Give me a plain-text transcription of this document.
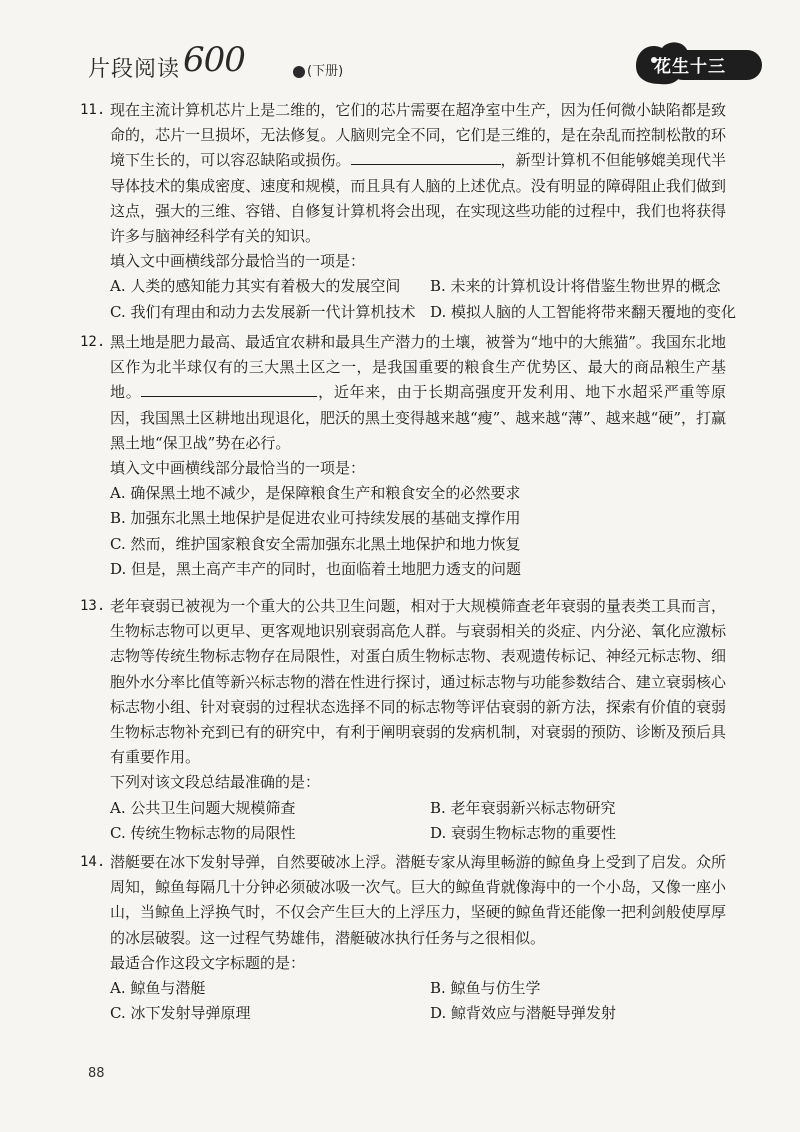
片段阅读 600	(下册)	花生十三
11. 现在主流计算机芯片上是二维的，它们的芯片需要在超净室中生产，因为任何微小缺陷都是致命的，芯片一旦损坏，无法修复。人脑则完全不同，它们是三维的，是在杂乱而控制松散的环境下生长的，可以容忍缺陷或损伤。	，新型计算机不但能够媲美现代半导体技术的集成密度、速度和规模，而且具有人脑的上述优点。没有明显的障碍阻止我们做到这点，强大的三维、容错、自修复计算机将会出现，在实现这些功能的过程中，我们也将获得许多与脑神经科学有关的知识。
填入文中画横线部分最恰当的一项是：
A. 人类的感知能力其实有着极大的发展空间	B. 未来的计算机设计将借鉴生物世界的概念
C. 我们有理由和动力去发展新一代计算机技术 D. 模拟人脑的人工智能将带来翻天覆地的变化
12. 黑土地是肥力最高、最适宜农耕和最具生产潜力的土壤，被誉为“地中的大熊猫”。我国东北地区作为北半球仅有的三大黑土区之一，是我国重要的粮食生产优势区、最大的商品粮生产基地。	，近年来，由于长期高强度开发利用、地下水超采严重等原因，我国黑土区耕地出现退化，肥沃的黑土变得越来越“瘦”、越来越“薄”、越来越“硬”，打赢黑土地“保卫战”势在必行。
填入文中画横线部分最恰当的一项是：
A. 确保黑土地不减少，是保障粮食生产和粮食安全的必然要求
B. 加强东北黑土地保护是促进农业可持续发展的基础支撑作用
C. 然而，维护国家粮食安全需加强东北黑土地保护和地力恢复
D. 但是，黑土高产丰产的同时，也面临着土地肥力透支的问题
13. 老年衰弱已被视为一个重大的公共卫生问题，相对于大规模筛查老年衰弱的量表类工具而言，生物标志物可以更早、更客观地识别衰弱高危人群。与衰弱相关的炎症、内分泌、氧化应激标志物等传统生物标志物存在局限性，对蛋白质生物标志物、表观遗传标记、神经元标志物、细胞外水分率比值等新兴标志物的潜在性进行探讨，通过标志物与功能参数结合、建立衰弱核心标志物小组、针对衰弱的过程状态选择不同的标志物等评估衰弱的新方法，探索有价值的衰弱生物标志物补充到已有的研究中，有利于阐明衰弱的发病机制，对衰弱的预防、诊断及预后具有重要作用。
下列对该文段总结最准确的是：
A. 公共卫生问题大规模筛查	B. 老年衰弱新兴标志物研究
C. 传统生物标志物的局限性	D. 衰弱生物标志物的重要性
14. 潜艇要在冰下发射导弹，自然要破冰上浮。潜艇专家从海里畅游的鲸鱼身上受到了启发。众所周知，鲸鱼每隔几十分钟必须破冰吸一次气。巨大的鲸鱼背就像海中的一个小岛，又像一座小山，当鲸鱼上浮换气时，不仅会产生巨大的上浮压力，坚硬的鲸鱼背还能像一把利剑般使厚厚的冰层破裂。这一过程气势雄伟，潜艇破冰执行任务与之很相似。
最适合作这段文字标题的是：
A. 鲸鱼与潜艇	B. 鲸鱼与仿生学
C. 冰下发射导弹原理	D. 鲸背效应与潜艇导弹发射
88
